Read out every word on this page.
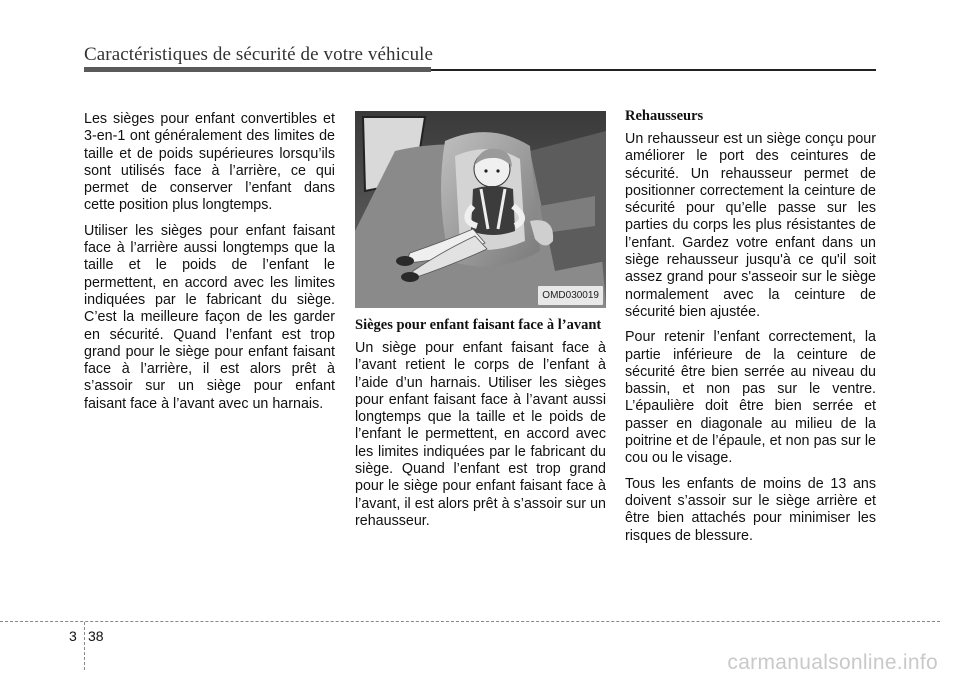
Caractéristiques de sécurité de votre véhicule

Les sièges pour enfant convertibles et 3-en-1 ont généralement des limites de taille et de poids supérieures lorsqu’ils sont utilisés face à l’arrière, ce qui permet de conserver l’enfant dans cette position plus longtemps.

Utiliser les sièges pour enfant faisant face à l’arrière aussi longtemps que la taille et le poids de l’enfant le permettent, en accord avec les limites indiquées par le fabricant du siège. C’est la meilleure façon de les garder en sécurité. Quand l’enfant est trop grand pour le siège pour enfant faisant face à l’arrière, il est alors prêt à s’assoir sur un siège pour enfant faisant face à l’avant avec un harnais.

OMD030019
Sièges pour enfant faisant face à l’avant

Un siège pour enfant faisant face à l’avant retient le corps de l’enfant à l’aide d’un harnais. Utiliser les sièges pour enfant faisant face à l’avant aussi longtemps que la taille et le poids de l’enfant le permettent, en accord avec les limites indiquées par le fabricant du siège. Quand l’enfant est trop grand pour le siège pour enfant faisant face à l’avant, il est alors prêt à s’assoir sur un rehausseur.

Rehausseurs

Un rehausseur est un siège conçu pour améliorer le port des ceintures de sécurité. Un rehausseur permet de positionner correctement la ceinture de sécurité pour qu’elle passe sur les parties du corps les plus résistantes de l’enfant. Gardez votre enfant dans un siège rehausseur jusqu'à ce qu'il soit assez grand pour s'asseoir sur le siège normalement avec la ceinture de sécurité bien ajustée.

Pour retenir l’enfant correctement, la partie inférieure de la ceinture de sécurité être bien serrée au niveau du bassin, et non pas sur le ventre. L’épaulière doit être bien serrée et passer en diagonale au milieu de la poitrine et de l’épaule, et non pas sur le cou ou le visage.

Tous les enfants de moins de 13 ans doivent s’assoir sur le siège arrière et être bien attachés pour minimiser les risques de blessure.

3 38
carmanualsonline.info
